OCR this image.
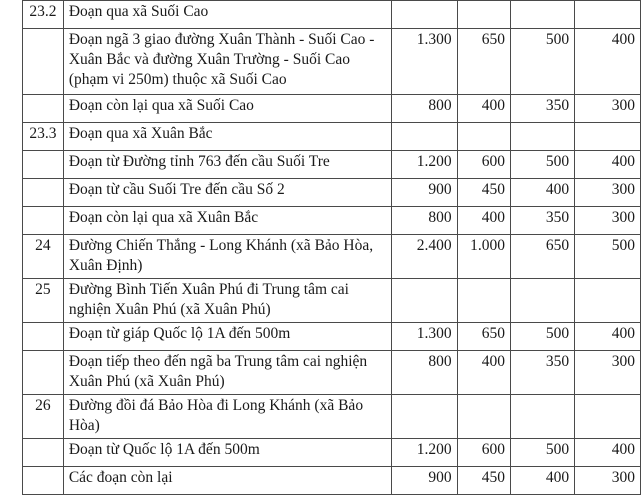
23.2	Đoạn qua xã Suối Cao				
	Đoạn ngã 3 giao đường Xuân Thành - Suối Cao - Xuân Bắc và đường Xuân Trường - Suối Cao (phạm vi 250m) thuộc xã Suối Cao	1.300	650	500	400
	Đoạn còn lại qua xã Suối Cao	800	400	350	300
23.3	Đoạn qua xã Xuân Bắc				
	Đoạn từ Đường tỉnh 763 đến cầu Suối Tre	1.200	600	500	400
	Đoạn từ cầu Suối Tre đến cầu Số 2	900	450	400	300
	Đoạn còn lại qua xã Xuân Bắc	800	400	350	300
24	Đường Chiến Thắng - Long Khánh (xã Bảo Hòa, Xuân Định)	2.400	1.000	650	500
25	Đường Bình Tiến Xuân Phú đi Trung tâm cai nghiện Xuân Phú (xã Xuân Phú)				
	Đoạn từ giáp Quốc lộ 1A đến 500m	1.300	650	500	400
	Đoạn tiếp theo đến ngã ba Trung tâm cai nghiện Xuân Phú (xã Xuân Phú)	800	400	350	300
26	Đường đồi đá Bảo Hòa đi Long Khánh (xã Bảo Hòa)				
	Đoạn từ Quốc lộ 1A đến 500m	1.200	600	500	400
	Các đoạn còn lại	900	450	400	300
